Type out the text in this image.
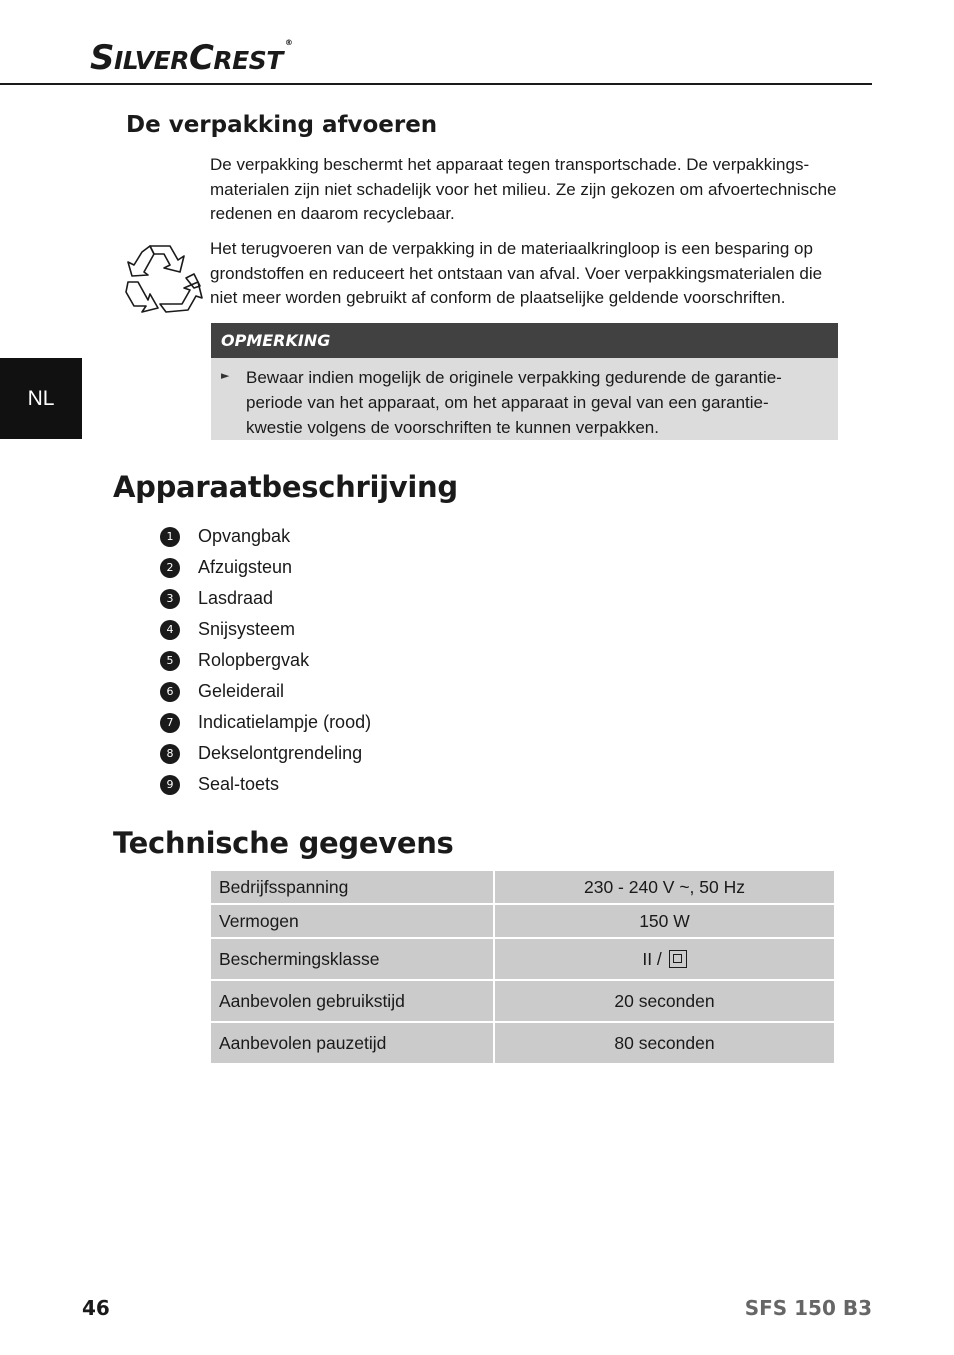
SILVERCREST®
NL
De verpakking afvoeren

De verpakking beschermt het apparaat tegen transportschade. De verpakkings-materialen zijn niet schadelijk voor het milieu. Ze zijn gekozen om afvoertechnische redenen en daarom recyclebaar.

Het terugvoeren van de verpakking in de materiaalkringloop is een besparing op grondstoffen en reduceert het ontstaan van afval. Voer verpakkingsmaterialen die niet meer worden gebruikt af conform de plaatselijke geldende voorschriften.

OPMERKING
► Bewaar indien mogelijk de originele verpakking gedurende de garantie-periode van het apparaat, om het apparaat in geval van een garantie-kwestie volgens de voorschriften te kunnen verpakken.
Apparaatbeschrijving
1	Opvangbak
2	Afzuigsteun
3	Lasdraad
4	Snijsysteem
5	Rolopbergvak
6	Geleiderail
7	Indicatielampje (rood)
8	Dekselontgrendeling
9	Seal-toets
Technische gegevens
Bedrijfsspanning	230 - 240 V ~, 50 Hz
Vermogen	150 W
Beschermingsklasse	II /
Aanbevolen gebruikstijd	20 seconden
Aanbevolen pauzetijd	80 seconden
46	SFS 150 B3
